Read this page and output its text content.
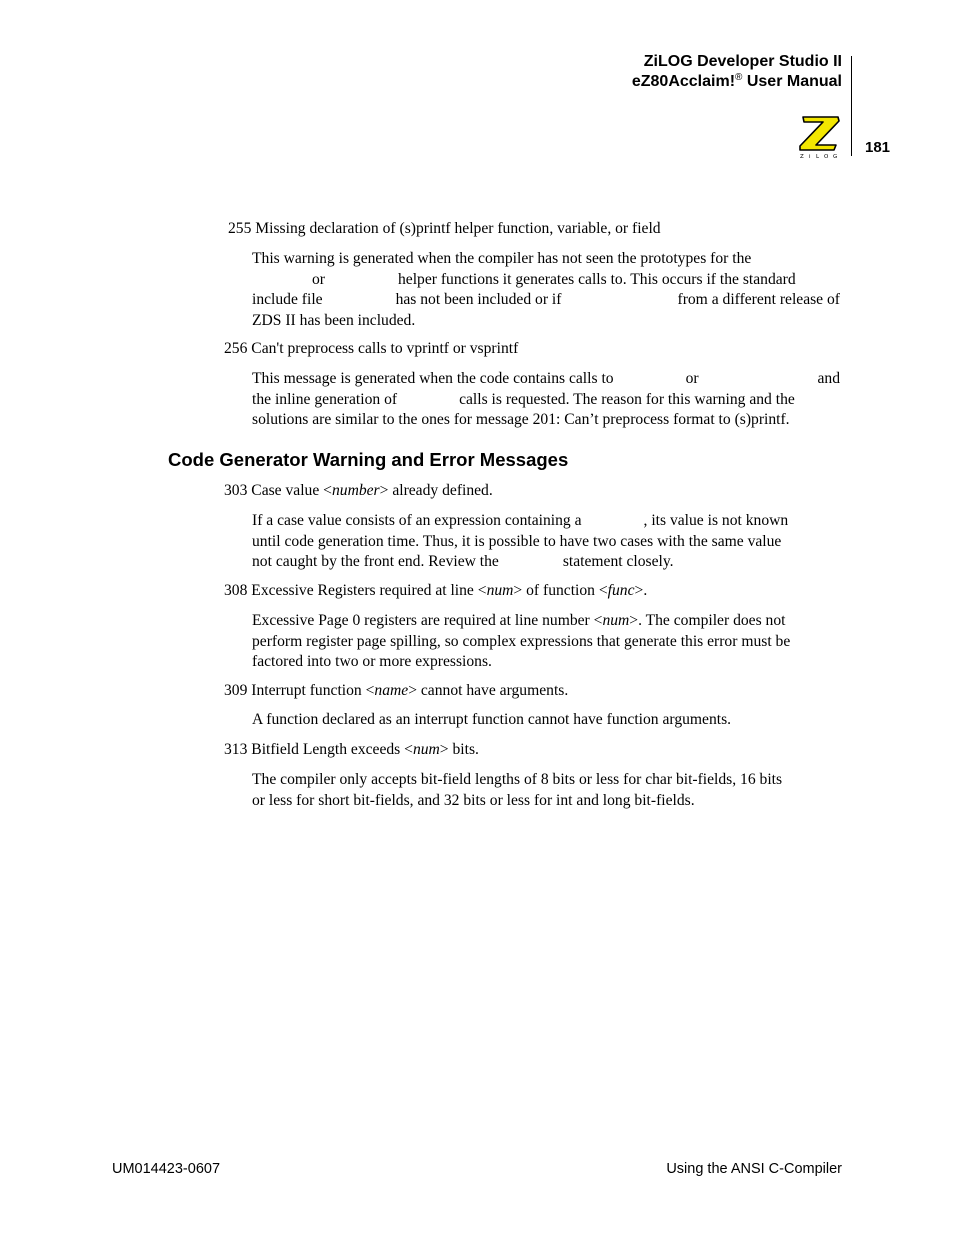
ZiLOG Developer Studio II
eZ80Acclaim!® User Manual
Z i L O G
181
255 Missing declaration of (s)printf helper function, variable, or field
This warning is generated when the compiler has not seen the prototypes for the
or	helper functions it generates calls to. This occurs if the standard
include file	has not been included or if	from a different release of
ZDS II has been included.
256 Can't preprocess calls to vprintf or vsprintf
This message is generated when the code contains calls to	or	and
the inline generation of	calls is requested. The reason for this warning and the
solutions are similar to the ones for message 201: Can’t preprocess format to (s)printf.
Code Generator Warning and Error Messages
303 Case value <number> already defined.
If a case value consists of an expression containing a	, its value is not known
until code generation time. Thus, it is possible to have two cases with the same value
not caught by the front end. Review the	statement closely.
308 Excessive Registers required at line <num> of function <func>.
Excessive Page 0 registers are required at line number <num>. The compiler does not
perform register page spilling, so complex expressions that generate this error must be
factored into two or more expressions.
309 Interrupt function <name> cannot have arguments.
A function declared as an interrupt function cannot have function arguments.
313 Bitfield Length exceeds <num> bits.
The compiler only accepts bit-field lengths of 8 bits or less for char bit-fields, 16 bits
or less for short bit-fields, and 32 bits or less for int and long bit-fields.
UM014423-0607	Using the ANSI C-Compiler
